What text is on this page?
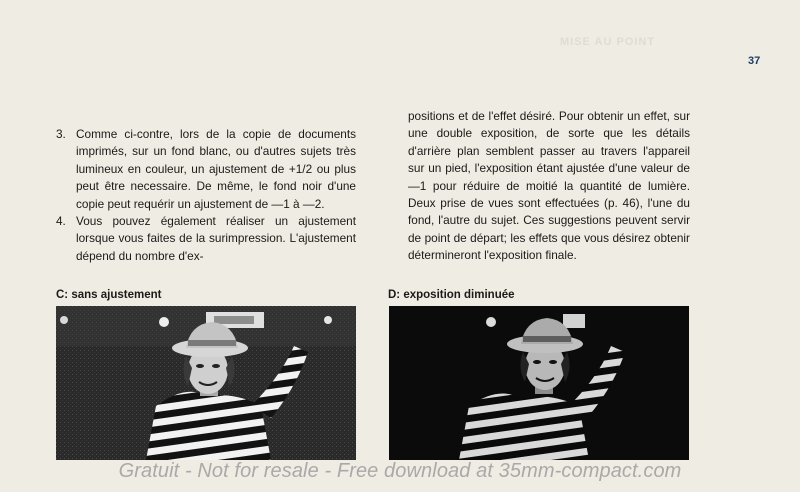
MISE AU POINT
37
3. Comme ci-contre, lors de la copie de documents imprimés, sur un fond blanc, ou d'autres sujets très lumineux en couleur, un ajustement de +1/2 ou plus peut être necessaire. De même, le fond noir d'une copie peut requérir un ajustement de —1 à —2.
4. Vous pouvez également réaliser un ajustement lorsque vous faites de la surimpression. L'ajustement dépend du nombre d'ex-

positions et de l'effet désiré. Pour obtenir un effet, sur une double exposition, de sorte que les détails d'arrière plan semblent passer au travers l'appareil sur un pied, l'exposition étant ajustée d'une valeur de —1 pour réduire de moitié la quantité de lumière. Deux prise de vues sont effectuées (p. 46), l'une du fond, l'autre du sujet. Ces suggestions peuvent servir de point de départ; les effets que vous désirez obtenir détermineront l'exposition finale.

C: sans ajustement	D: exposition diminuée
Gratuit - Not for resale - Free download at 35mm-compact.com
